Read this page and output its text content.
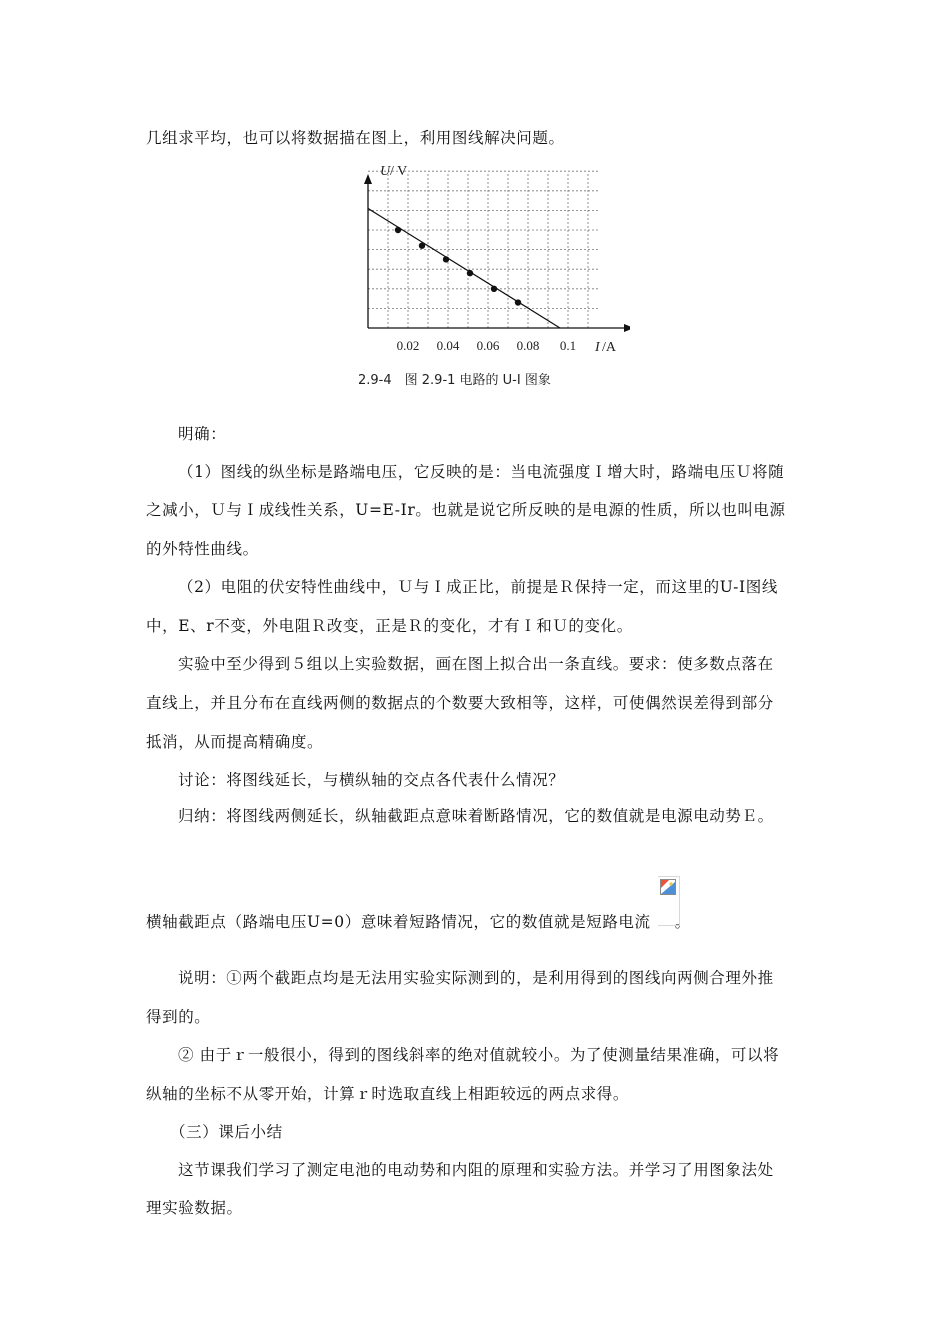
几组求平均，也可以将数据描在图上，利用图线解决问题。
0.02 0.04 0.06 0.08 0.1
U / V
I /A
2.9-4　图 2.9-1 电路的 U-I 图象
明确：
（1）图线的纵坐标是路端电压，它反映的是：当电流强度Ｉ增大时，路端电压Ｕ将随
之减小，Ｕ与Ｉ成线性关系，U=E-Ir。也就是说它所反映的是电源的性质，所以也叫电源
的外特性曲线。
（2）电阻的伏安特性曲线中，Ｕ与Ｉ成正比，前提是Ｒ保持一定，而这里的U-I图线
中，E、r不变，外电阻Ｒ改变，正是Ｒ的变化，才有Ｉ和Ｕ的变化。
实验中至少得到５组以上实验数据，画在图上拟合出一条直线。要求：使多数点落在
直线上，并且分布在直线两侧的数据点的个数要大致相等，这样，可使偶然误差得到部分
抵消，从而提高精确度。
讨论：将图线延长，与横纵轴的交点各代表什么情况？
归纳：将图线两侧延长，纵轴截距点意味着断路情况，它的数值就是电源电动势Ｅ。
横轴截距点（路端电压U=0）意味着短路情况，它的数值就是短路电流 。
说明：①两个截距点均是无法用实验实际测到的，是利用得到的图线向两侧合理外推
得到的。
② 由于ｒ一般很小，得到的图线斜率的绝对值就较小。为了使测量结果准确，可以将
纵轴的坐标不从零开始，计算ｒ时选取直线上相距较远的两点求得。
（三）课后小结
这节课我们学习了测定电池的电动势和内阻的原理和实验方法。并学习了用图象法处
理实验数据。
